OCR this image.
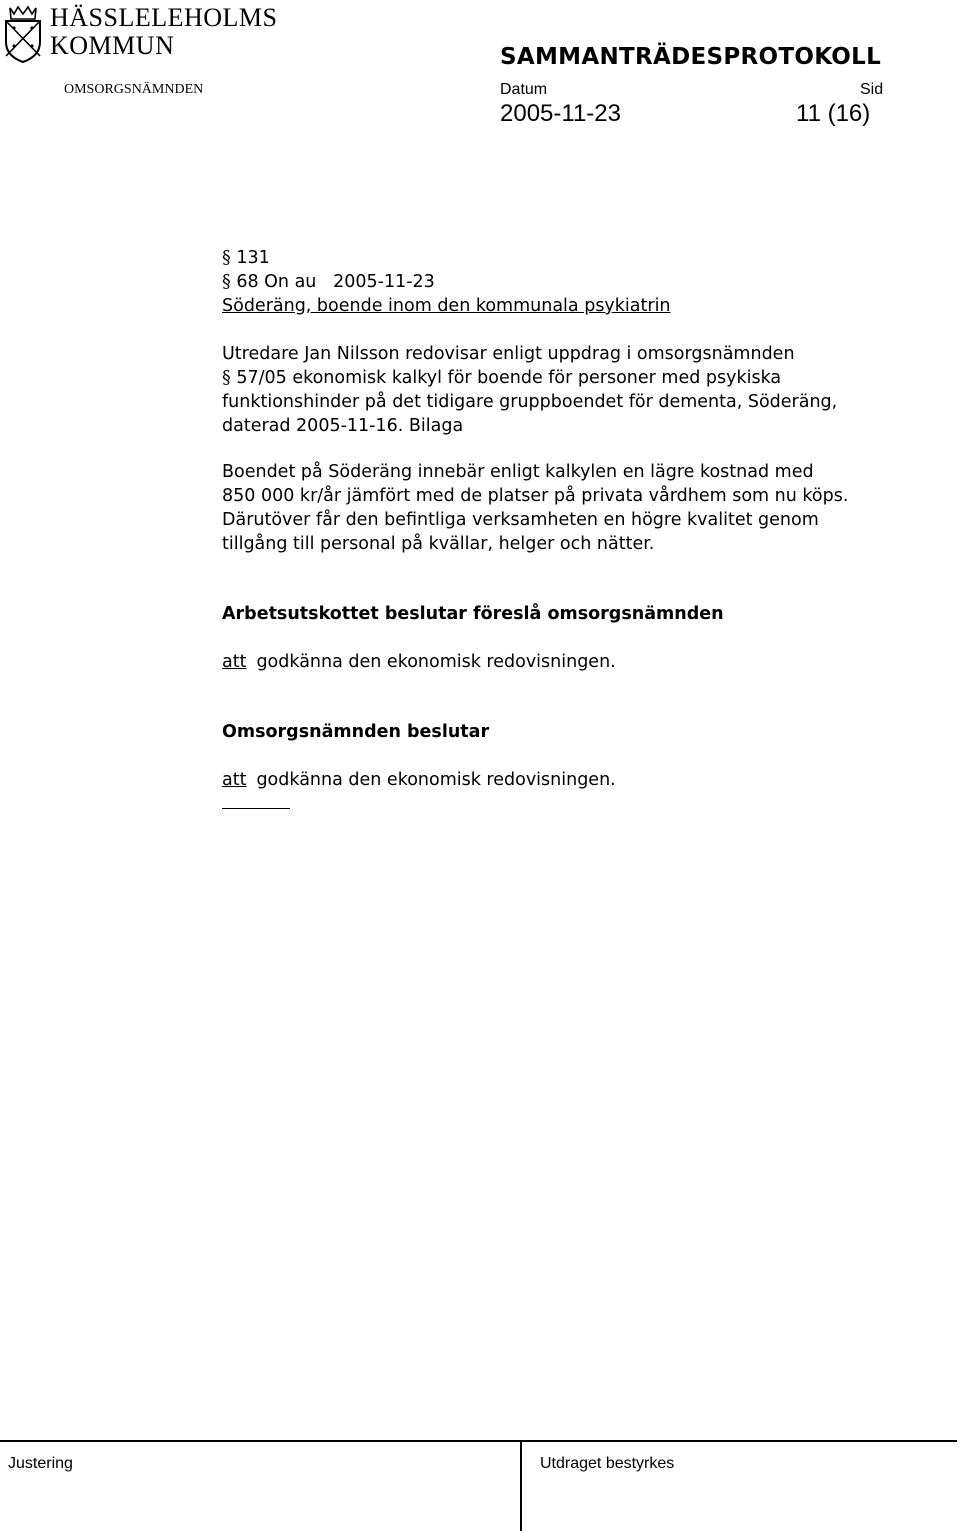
HÄSSLELEHOLMS
KOMMUN	SAMMANTRÄDESPROTOKOLL
OMSORGSNÄMNDEN	Datum	Sid
2005-11-23	11 (16)
§ 131
§ 68 On au 2005-11-23
Söderäng, boende inom den kommunala psykiatrin
Utredare Jan Nilsson redovisar enligt uppdrag i omsorgsnämnden
§ 57/05 ekonomisk kalkyl för boende för personer med psykiska
funktionshinder på det tidigare gruppboendet för dementa, Söderäng,
daterad 2005-11-16. Bilaga
Boendet på Söderäng innebär enligt kalkylen en lägre kostnad med
850 000 kr/år jämfört med de platser på privata vårdhem som nu köps.
Därutöver får den befintliga verksamheten en högre kvalitet genom
tillgång till personal på kvällar, helger och nätter.
Arbetsutskottet beslutar föreslå omsorgsnämnden
att godkänna den ekonomisk redovisningen.
Omsorgsnämnden beslutar
att godkänna den ekonomisk redovisningen.
Justering	Utdraget bestyrkes
